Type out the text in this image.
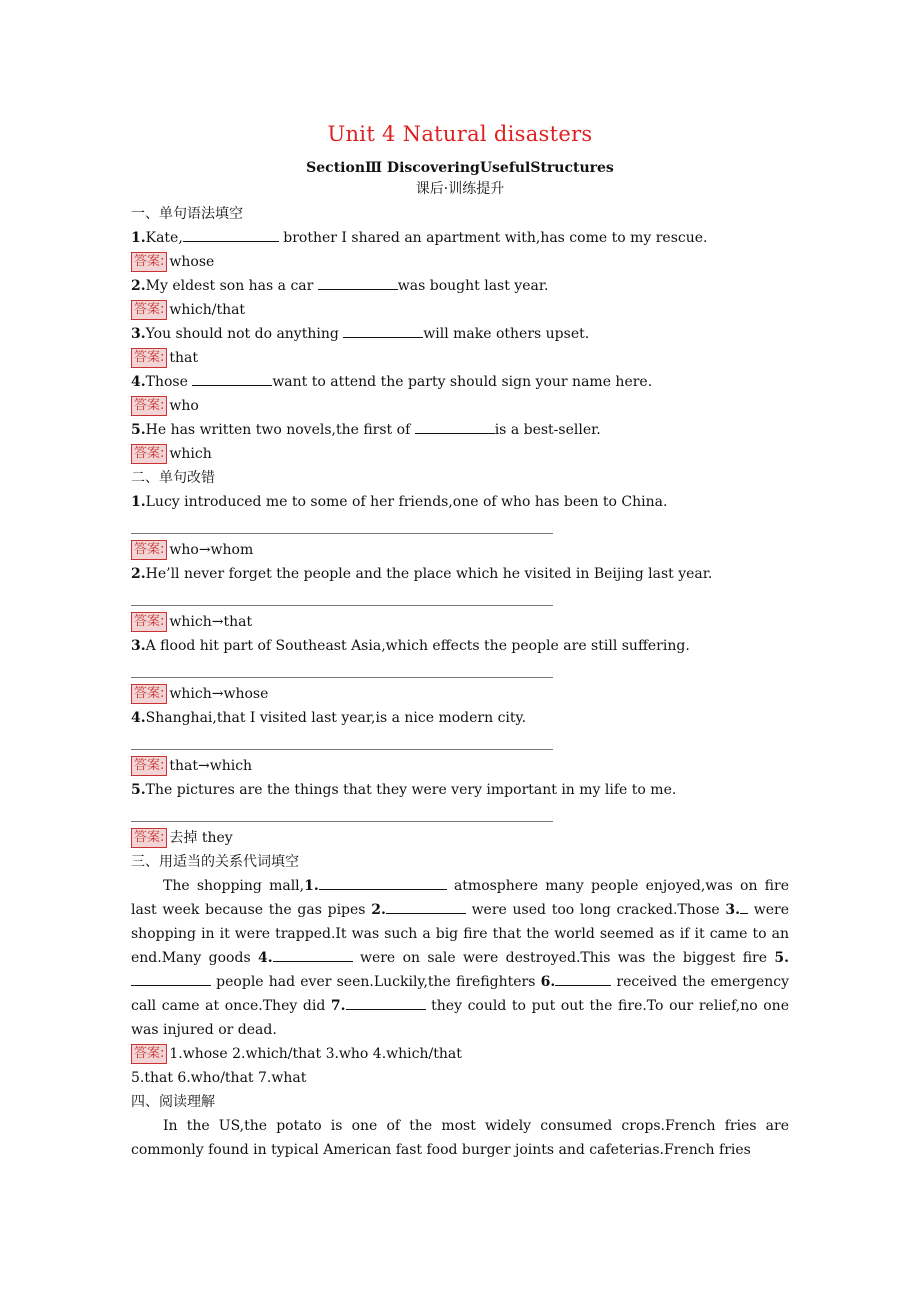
Unit 4 Natural disasters
SectionⅢ DiscoveringUsefulStructures
课后·训练提升
一、单句语法填空
1.Kate,	brother I shared an apartment with,has come to my rescue.
答案: whose
2.My eldest son has a car	was bought last year.
答案: which/that
3.You should not do anything	will make others upset.
答案: that
4.Those	want to attend the party should sign your name here.
答案: who
5.He has written two novels,the first of	is a best-seller.
答案: which
二、单句改错
1.Lucy introduced me to some of her friends,one of who has been to China.
答案: who→whom
2.He’ll never forget the people and the place which he visited in Beijing last year.
答案: which→that
3.A flood hit part of Southeast Asia,which effects the people are still suffering.
答案: which→whose
4.Shanghai,that I visited last year,is a nice modern city.
答案: that→which
5.The pictures are the things that they were very important in my life to me.
答案: 去掉 they
三、用适当的关系代词填空
The shopping mall,1.	atmosphere many people enjoyed,was on fire last week because the gas pipes 2.	were used too long cracked.Those 3. were shopping in it were trapped.It was such a big fire that the world seemed as if it came to an end.Many goods 4.	were on sale were destroyed.This was the biggest fire 5. people had ever seen.Luckily,the firefighters 6.	received the emergency call came at once.They did 7.	they could to put out the fire.To our relief,no one was injured or dead.
答案: 1.whose 2.which/that 3.who 4.which/that
5.that 6.who/that 7.what
四、阅读理解
In the US,the potato is one of the most widely consumed crops.French fries are commonly found in typical American fast food burger joints and cafeterias.French fries
